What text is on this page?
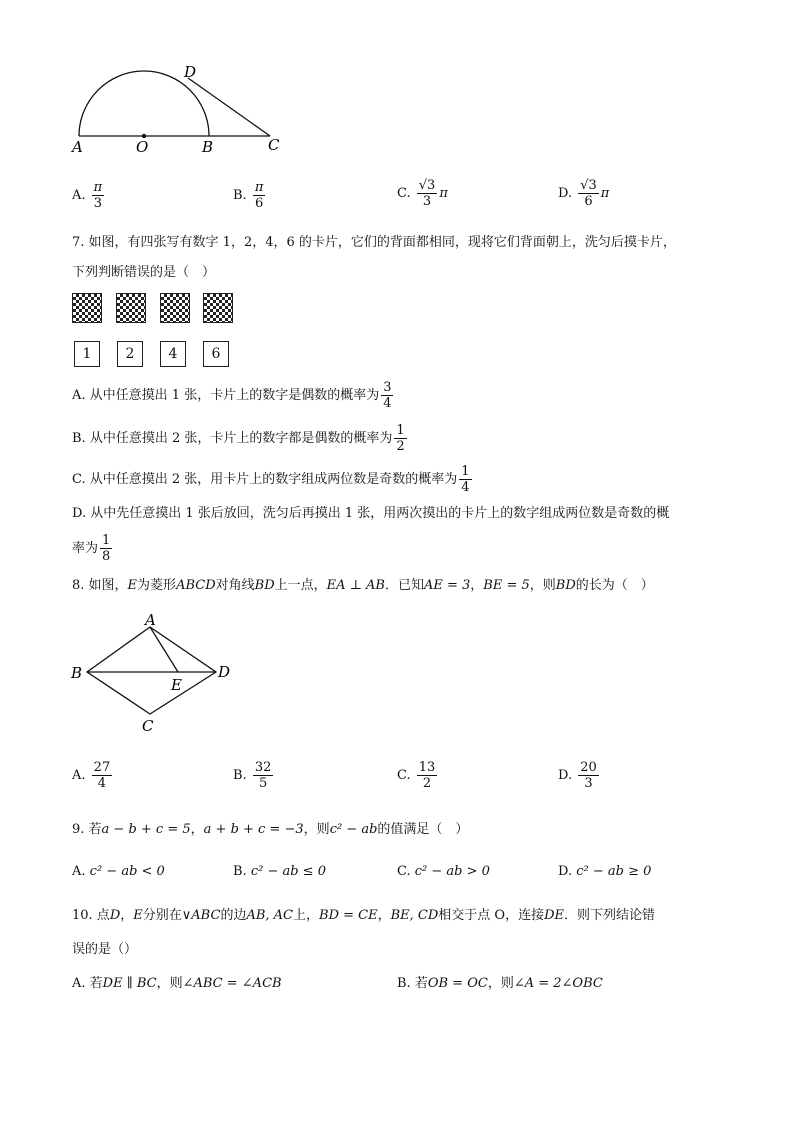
A	O	B	C
D
A. $\frac{\pi}{3}$	B. $\frac{\pi}{6}$	C. $\frac{√3}{3}$ π	D. $\frac{√3}{6}$ π
7. 如图，有四张写有数字 1，2，4，6 的卡片，它们的背面都相同，现将它们背面朝上，洗匀后摸卡片，
下列判断错误的是（　）
1	2	4	6
A. 从中任意摸出 1 张，卡片上的数字是偶数的概率为 $\frac{3}{4}$
B. 从中任意摸出 2 张，卡片上的数字都是偶数的概率为 $\frac{1}{2}$
C. 从中任意摸出 2 张，用卡片上的数字组成两位数是奇数的概率为 $\frac{1}{4}$
D. 从中先任意摸出 1 张后放回，洗匀后再摸出 1 张，用两次摸出的卡片上的数字组成两位数是奇数的概
率为 $\frac{1}{8}$
8. 如图，E为菱形ABCD对角线BD上一点，EA ⊥ AB．已知AE = 3，BE = 5，则BD的长为（　）
A
B	D
E
C
A. $\frac{27}{4}$	B. $\frac{32}{5}$	C. $\frac{13}{2}$	D. $\frac{20}{3}$
9. 若a − b + c = 5，a + b + c = −3，则c² − ab的值满足（　）
A. c² − ab < 0	B. c² − ab ≤ 0	C. c² − ab > 0	D. c² − ab ≥ 0
10. 点D，E分别在∨ABC的边AB, AC上，BD = CE，BE, CD相交于点 O，连接DE．则下列结论错
误的是（）
A. 若DE ∥ BC，则∠ABC = ∠ACB	B. 若OB = OC，则∠A = 2∠OBC
